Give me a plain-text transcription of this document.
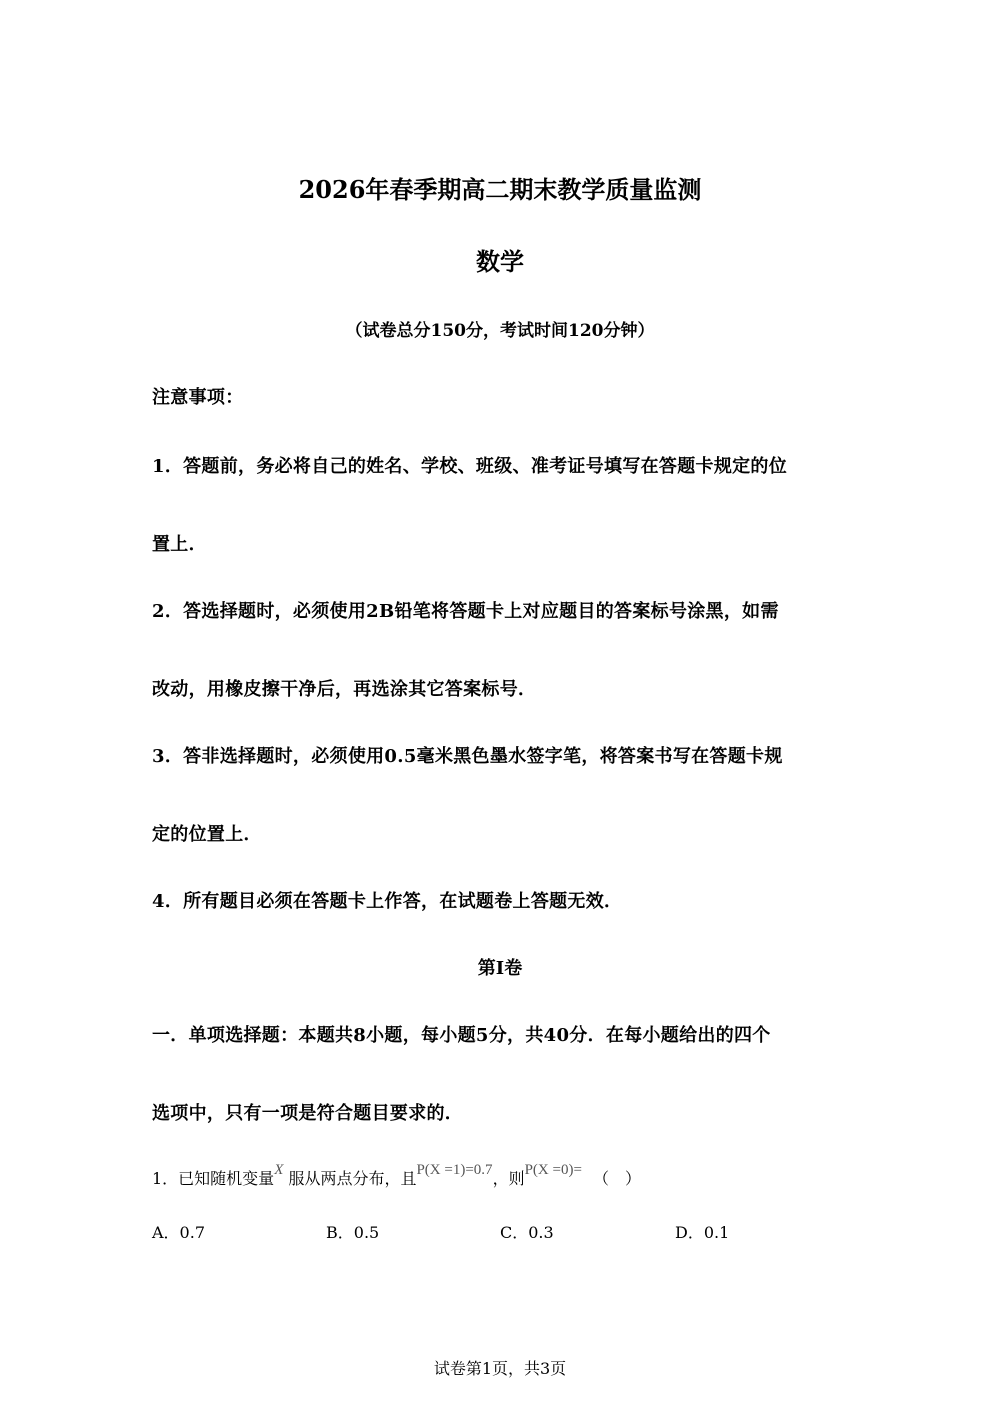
2026年春季期高二期末教学质量监测
数学
（试卷总分150分，考试时间120分钟）
注意事项：
1．答题前，务必将自己的姓名、学校、班级、准考证号填写在答题卡规定的位
置上．
2．答选择题时，必须使用2B铅笔将答题卡上对应题目的答案标号涂黑，如需
改动，用橡皮擦干净后，再选涂其它答案标号．
3．答非选择题时，必须使用0.5毫米黑色墨水签字笔，将答案书写在答题卡规
定的位置上．
4．所有题目必须在答题卡上作答，在试题卷上答题无效．
第Ⅰ卷
一．单项选择题：本题共8小题，每小题5分，共40分．在每小题给出的四个
选项中，只有一项是符合题目要求的．
1．已知随机变量X 服从两点分布，且P(X =1)=0.7，则P(X =0)= （　）
A．0.7	B．0.5	C．0.3	D．0.1
试卷第1页，共3页
